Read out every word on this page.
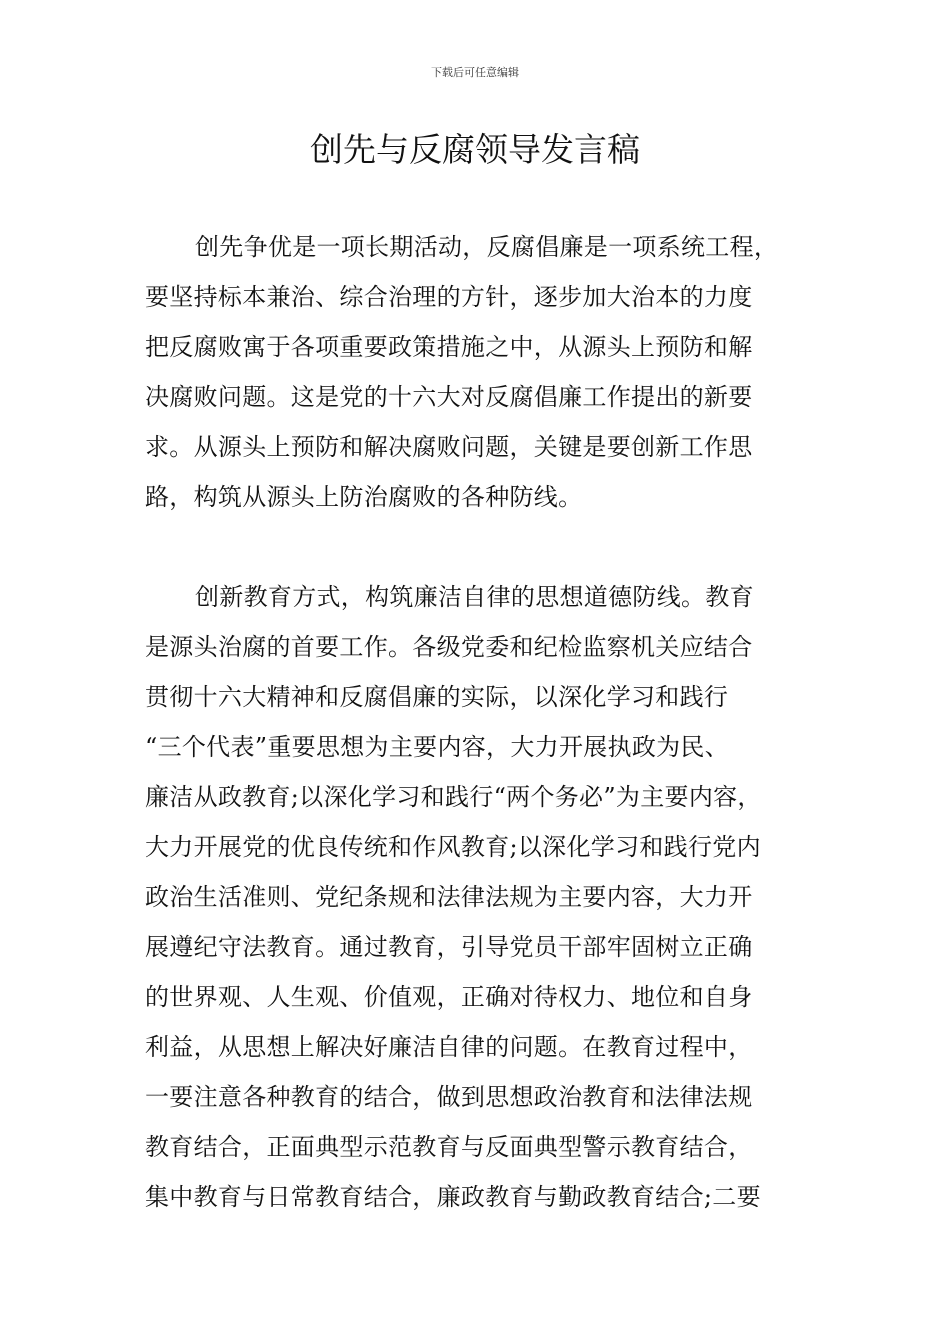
下载后可任意编辑
创先与反腐领导发言稿
创先争优是一项长期活动，反腐倡廉是一项系统工程，
要坚持标本兼治、综合治理的方针，逐步加大治本的力度
把反腐败寓于各项重要政策措施之中，从源头上预防和解
决腐败问题。这是党的十六大对反腐倡廉工作提出的新要
求。从源头上预防和解决腐败问题，关键是要创新工作思
路，构筑从源头上防治腐败的各种防线。
创新教育方式，构筑廉洁自律的思想道德防线。教育
是源头治腐的首要工作。各级党委和纪检监察机关应结合
贯彻十六大精神和反腐倡廉的实际，以深化学习和践行
“三个代表”重要思想为主要内容，大力开展执政为民、
廉洁从政教育;以深化学习和践行“两个务必”为主要内容，
大力开展党的优良传统和作风教育;以深化学习和践行党内
政治生活准则、党纪条规和法律法规为主要内容，大力开
展遵纪守法教育。通过教育，引导党员干部牢固树立正确
的世界观、人生观、价值观，正确对待权力、地位和自身
利益，从思想上解决好廉洁自律的问题。在教育过程中，
一要注意各种教育的结合，做到思想政治教育和法律法规
教育结合，正面典型示范教育与反面典型警示教育结合，
集中教育与日常教育结合，廉政教育与勤政教育结合;二要
